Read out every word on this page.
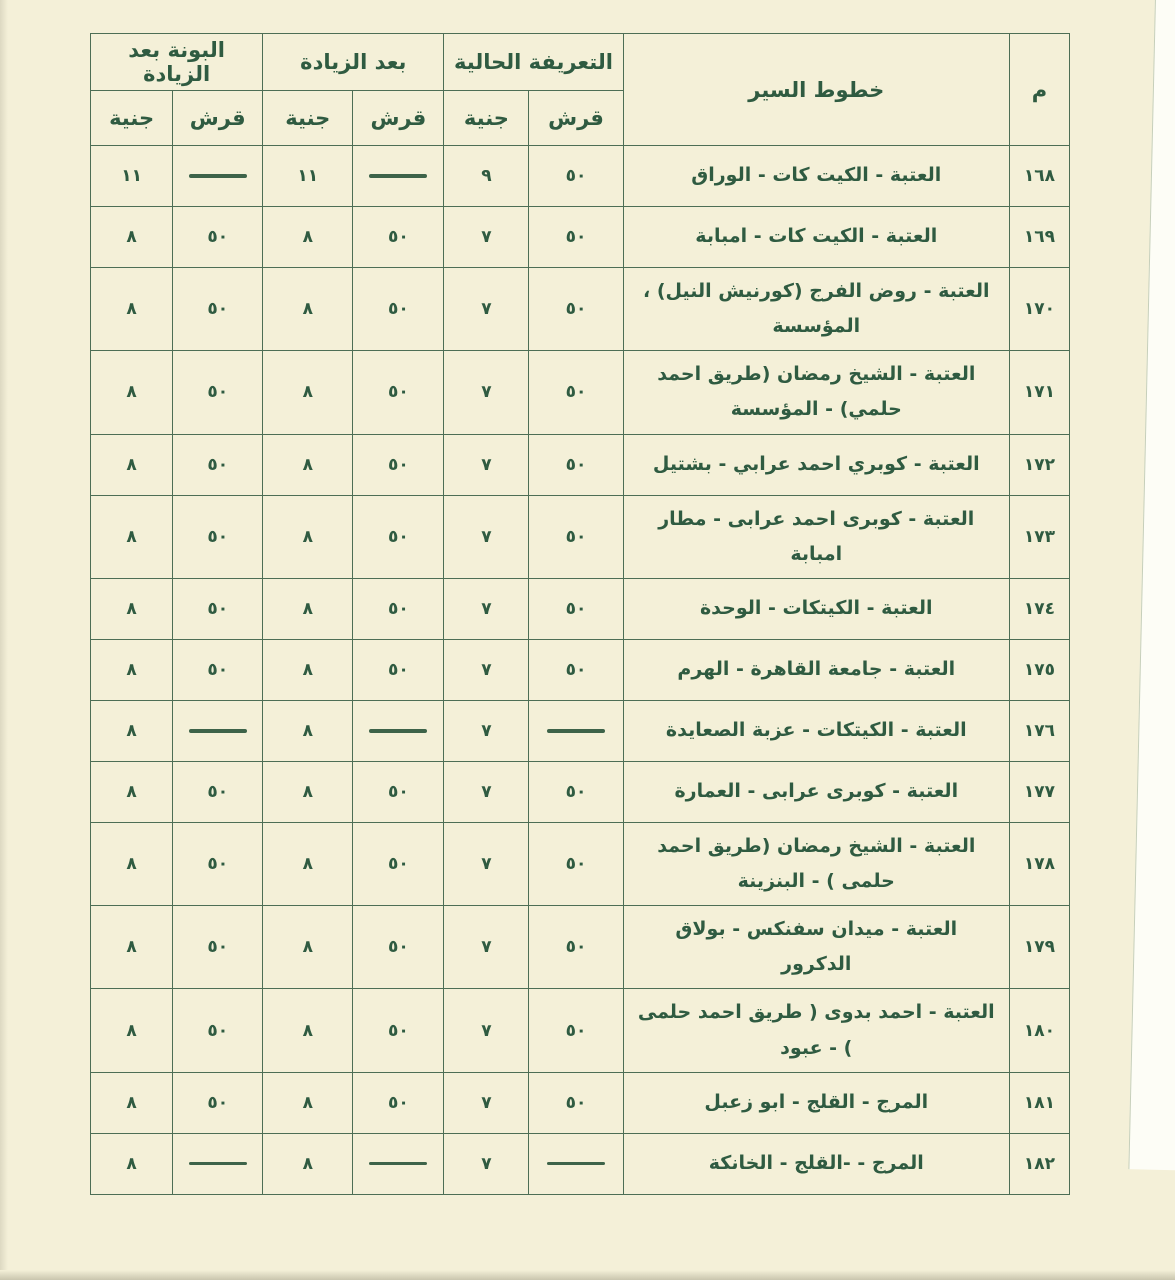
م	خطوط السير	التعريفة الحالية		بعد الزيادة		البونة بعد الزيادة	
		قرش	جنية	قرش	جنية	قرش	جنية
١٦٨	العتبة - الكيت كات - الوراق	٥٠	٩		١١		١١
١٦٩	العتبة - الكيت كات - امبابة	٥٠	٧	٥٠	٨	٥٠	٨
١٧٠	العتبة - روض الفرج (كورنيش النيل) ، المؤسسة	٥٠	٧	٥٠	٨	٥٠	٨
١٧١	العتبة - الشيخ رمضان (طريق احمد حلمي) - المؤسسة	٥٠	٧	٥٠	٨	٥٠	٨
١٧٢	العتبة - كوبري احمد عرابي - بشتيل	٥٠	٧	٥٠	٨	٥٠	٨
١٧٣	العتبة - كوبرى احمد عرابى - مطار امبابة	٥٠	٧	٥٠	٨	٥٠	٨
١٧٤	العتبة - الكيتكات - الوحدة	٥٠	٧	٥٠	٨	٥٠	٨
١٧٥	العتبة - جامعة القاهرة - الهرم	٥٠	٧	٥٠	٨	٥٠	٨
١٧٦	العتبة - الكيتكات - عزبة الصعايدة		٧		٨		٨
١٧٧	العتبة - كوبرى عرابى - العمارة	٥٠	٧	٥٠	٨	٥٠	٨
١٧٨	العتبة - الشيخ رمضان (طريق احمد حلمى ) - البنزينة	٥٠	٧	٥٠	٨	٥٠	٨
١٧٩	العتبة - ميدان سفنكس - بولاق الدكرور	٥٠	٧	٥٠	٨	٥٠	٨
١٨٠	العتبة - احمد بدوى ( طريق احمد حلمى ) - عبود	٥٠	٧	٥٠	٨	٥٠	٨
١٨١	المرج - القلج - ابو زعبل	٥٠	٧	٥٠	٨	٥٠	٨
١٨٢	المرج - -القلج - الخانكة		٧		٨		٨
